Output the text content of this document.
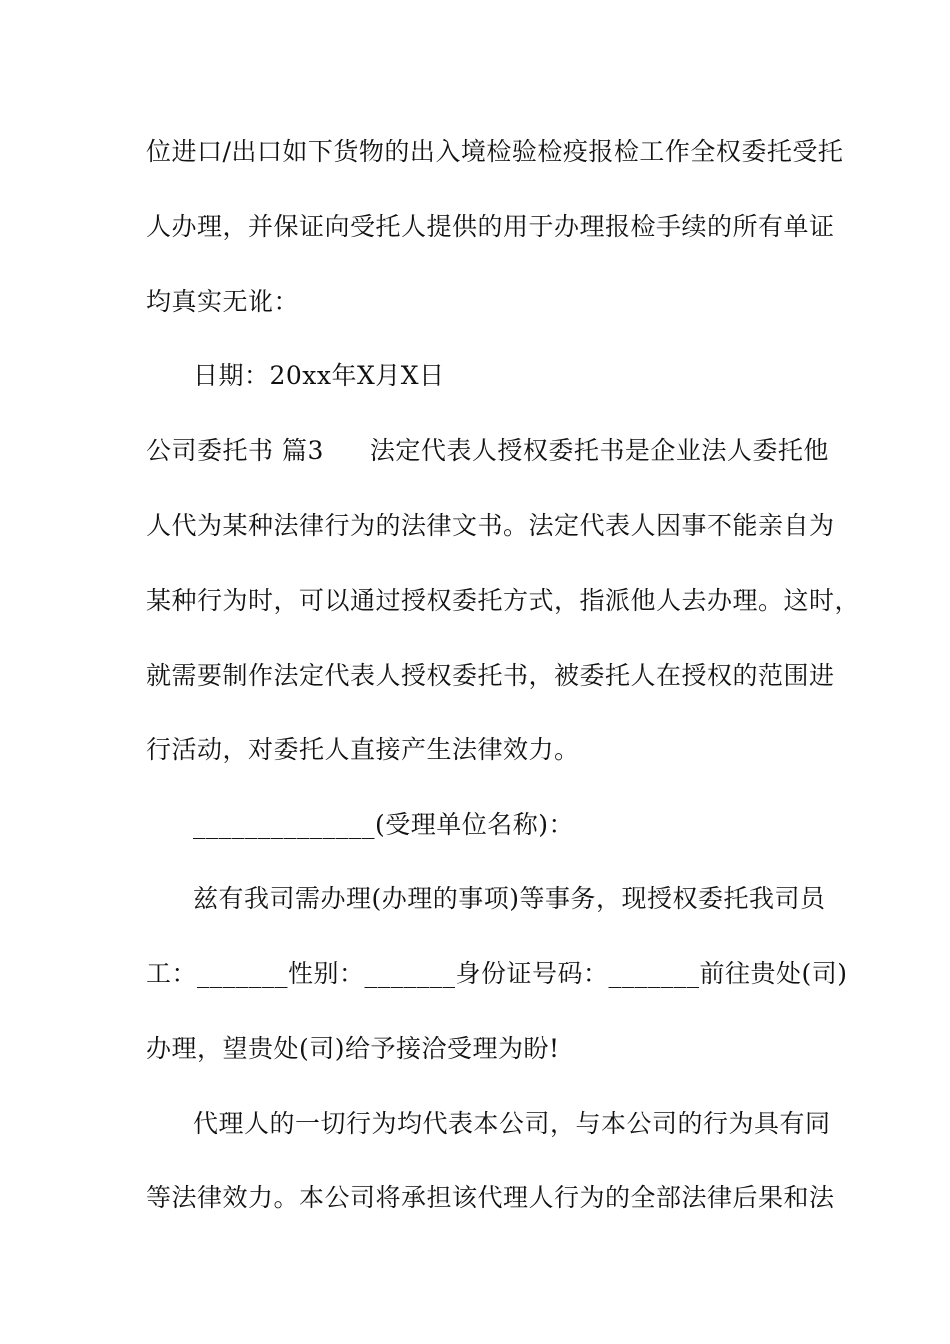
位进口/出口如下货物的出入境检验检疫报检工作全权委托受托
人办理，并保证向受托人提供的用于办理报检手续的所有单证
均真实无讹：
日期：20xx年X月X日
公司委托书 篇3 法定代表人授权委托书是企业法人委托他
人代为某种法律行为的法律文书。法定代表人因事不能亲自为
某种行为时，可以通过授权委托方式，指派他人去办理。这时，
就需要制作法定代表人授权委托书，被委托人在授权的范围进
行活动，对委托人直接产生法律效力。
______________(受理单位名称)：
兹有我司需办理(办理的事项)等事务，现授权委托我司员
工：_______性别：_______身份证号码：_______前往贵处(司)
办理，望贵处(司)给予接洽受理为盼!
代理人的一切行为均代表本公司，与本公司的行为具有同
等法律效力。本公司将承担该代理人行为的全部法律后果和法
